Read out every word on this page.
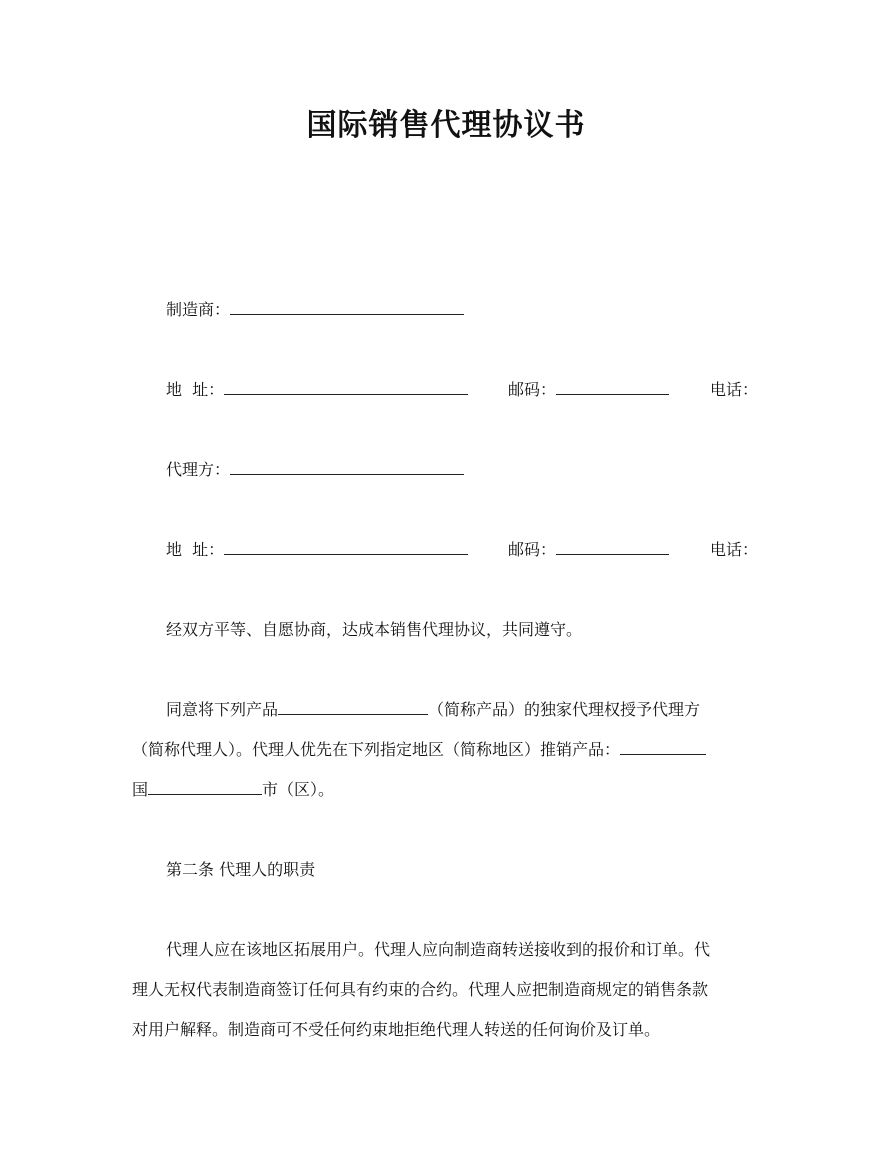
国际销售代理协议书
制造商：
地  址：	邮码：	电话：
代理方：
地  址：	邮码：	电话：
经双方平等、自愿协商，达成本销售代理协议，共同遵守。
同意将下列产品	（简称产品）的独家代理权授予代理方
（简称代理人）。代理人优先在下列指定地区（简称地区）推销产品：
国	市（区）。
第二条 代理人的职责
代理人应在该地区拓展用户。代理人应向制造商转送接收到的报价和订单。代
理人无权代表制造商签订任何具有约束的合约。代理人应把制造商规定的销售条款
对用户解释。制造商可不受任何约束地拒绝代理人转送的任何询价及订单。
